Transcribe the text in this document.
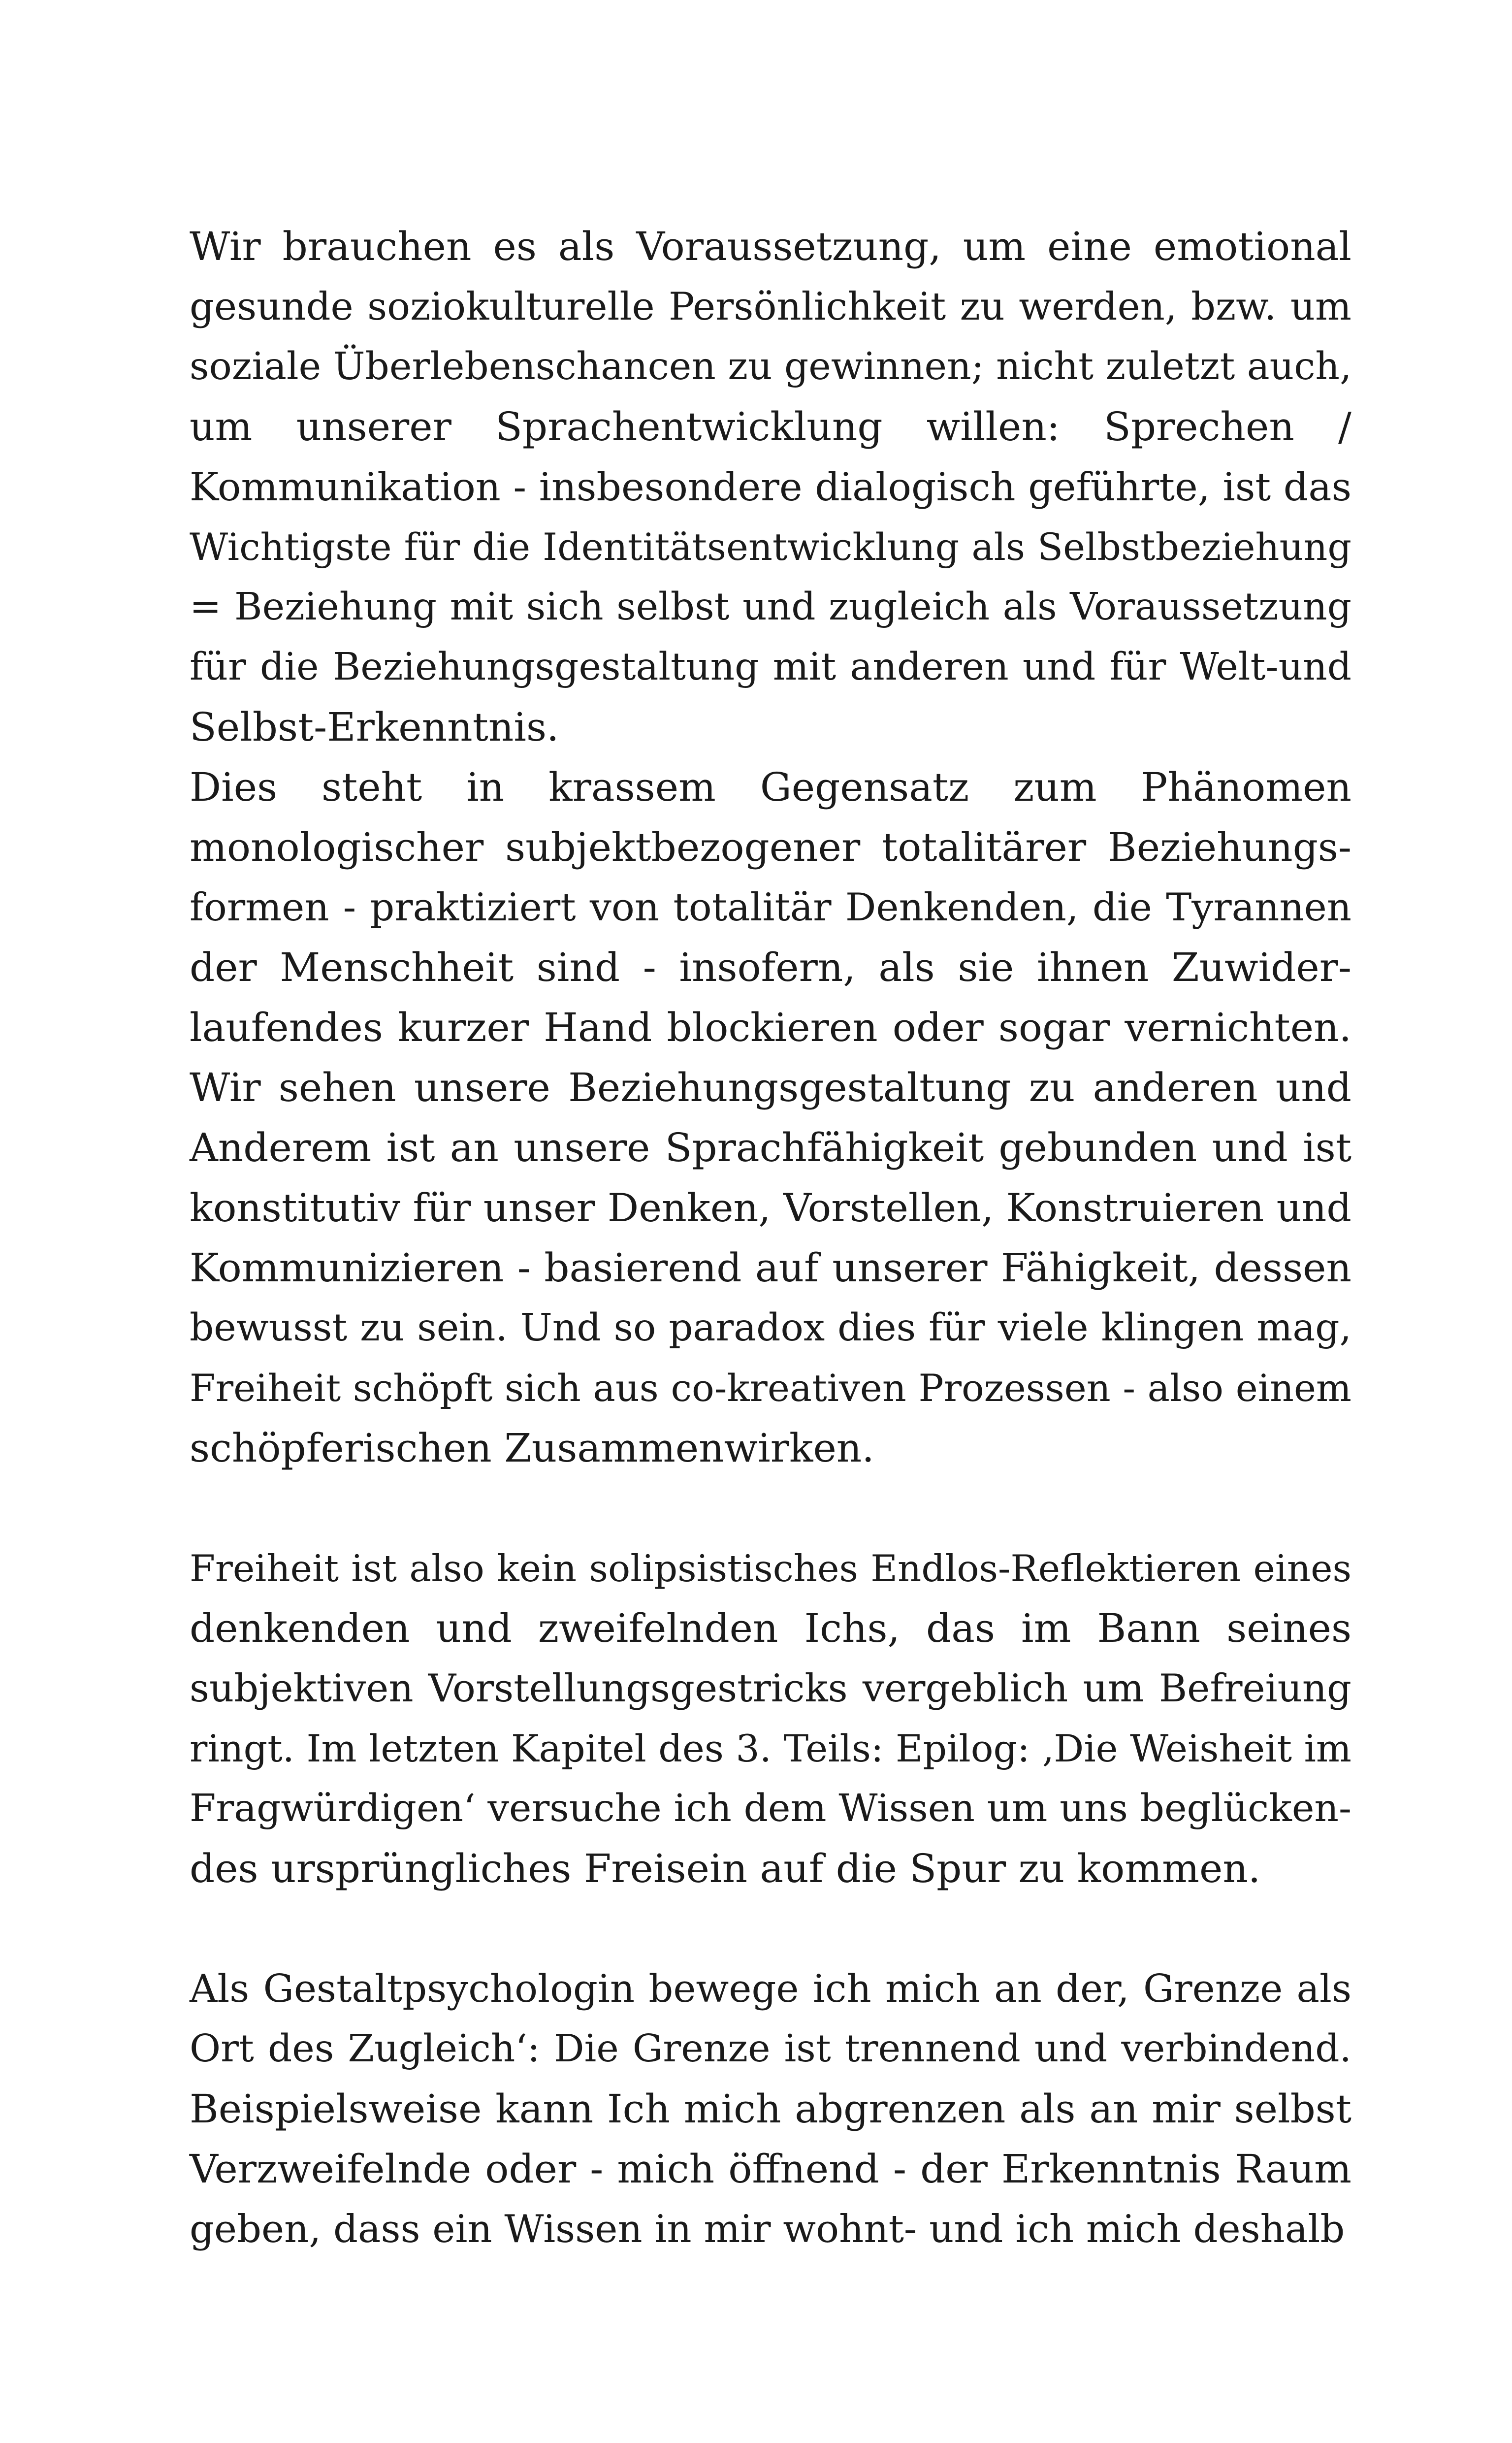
Wir brauchen es als Voraussetzung, um eine emotional
gesunde soziokulturelle Persönlichkeit zu werden, bzw. um
soziale Überlebenschancen zu gewinnen; nicht zuletzt auch,
um unserer Sprachentwicklung willen: Sprechen /
Kommunikation - insbesondere dialogisch geführte, ist das
Wichtigste für die Identitätsentwicklung als Selbstbeziehung
= Beziehung mit sich selbst und zugleich als Voraussetzung
für die Beziehungsgestaltung mit anderen und für Welt-und
Selbst-Erkenntnis.
Dies steht in krassem Gegensatz zum Phänomen
monologischer subjektbezogener totalitärer Beziehungs-
formen - praktiziert von totalitär Denkenden, die Tyrannen
der Menschheit sind - insofern, als sie ihnen Zuwider-
laufendes kurzer Hand blockieren oder sogar vernichten.
Wir sehen unsere Beziehungsgestaltung zu anderen und
Anderem ist an unsere Sprachfähigkeit gebunden und ist
konstitutiv für unser Denken, Vorstellen, Konstruieren und
Kommunizieren - basierend auf unserer Fähigkeit, dessen
bewusst zu sein. Und so paradox dies für viele klingen mag,
Freiheit schöpft sich aus co-kreativen Prozessen - also einem
schöpferischen Zusammenwirken.
Freiheit ist also kein solipsistisches Endlos-Reflektieren eines
denkenden und zweifelnden Ichs, das im Bann seines
subjektiven Vorstellungsgestricks vergeblich um Befreiung
ringt. Im letzten Kapitel des 3. Teils: Epilog: ‚Die Weisheit im
Fragwürdigen‘ versuche ich dem Wissen um uns beglücken-
des ursprüngliches Freisein auf die Spur zu kommen.
Als Gestaltpsychologin bewege ich mich an der, Grenze als
Ort des Zugleich‘: Die Grenze ist trennend und verbindend.
Beispielsweise kann Ich mich abgrenzen als an mir selbst
Verzweifelnde oder - mich öffnend - der Erkenntnis Raum
geben, dass ein Wissen in mir wohnt- und ich mich deshalb
